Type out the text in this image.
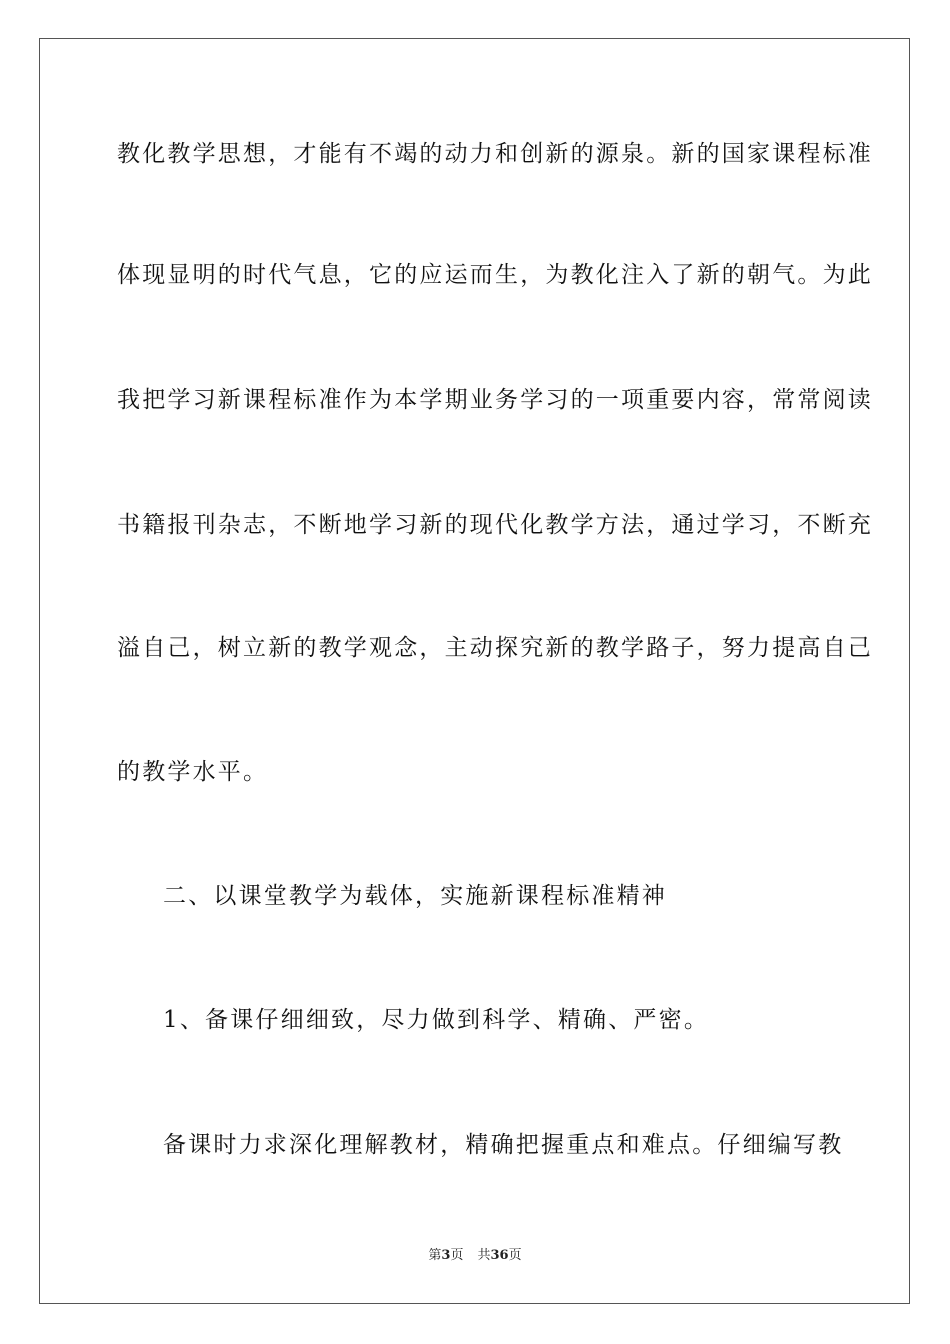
教化教学思想，才能有不竭的动力和创新的源泉。新的国家课程标准
体现显明的时代气息，它的应运而生，为教化注入了新的朝气。为此
我把学习新课程标准作为本学期业务学习的一项重要内容，常常阅读
书籍报刊杂志，不断地学习新的现代化教学方法，通过学习，不断充
溢自己，树立新的教学观念，主动探究新的教学路子，努力提高自己
的教学水平。
二、以课堂教学为载体，实施新课程标准精神
1、备课仔细细致，尽力做到科学、精确、严密。
备课时力求深化理解教材，精确把握重点和难点。仔细编写教
第3页 共36页
